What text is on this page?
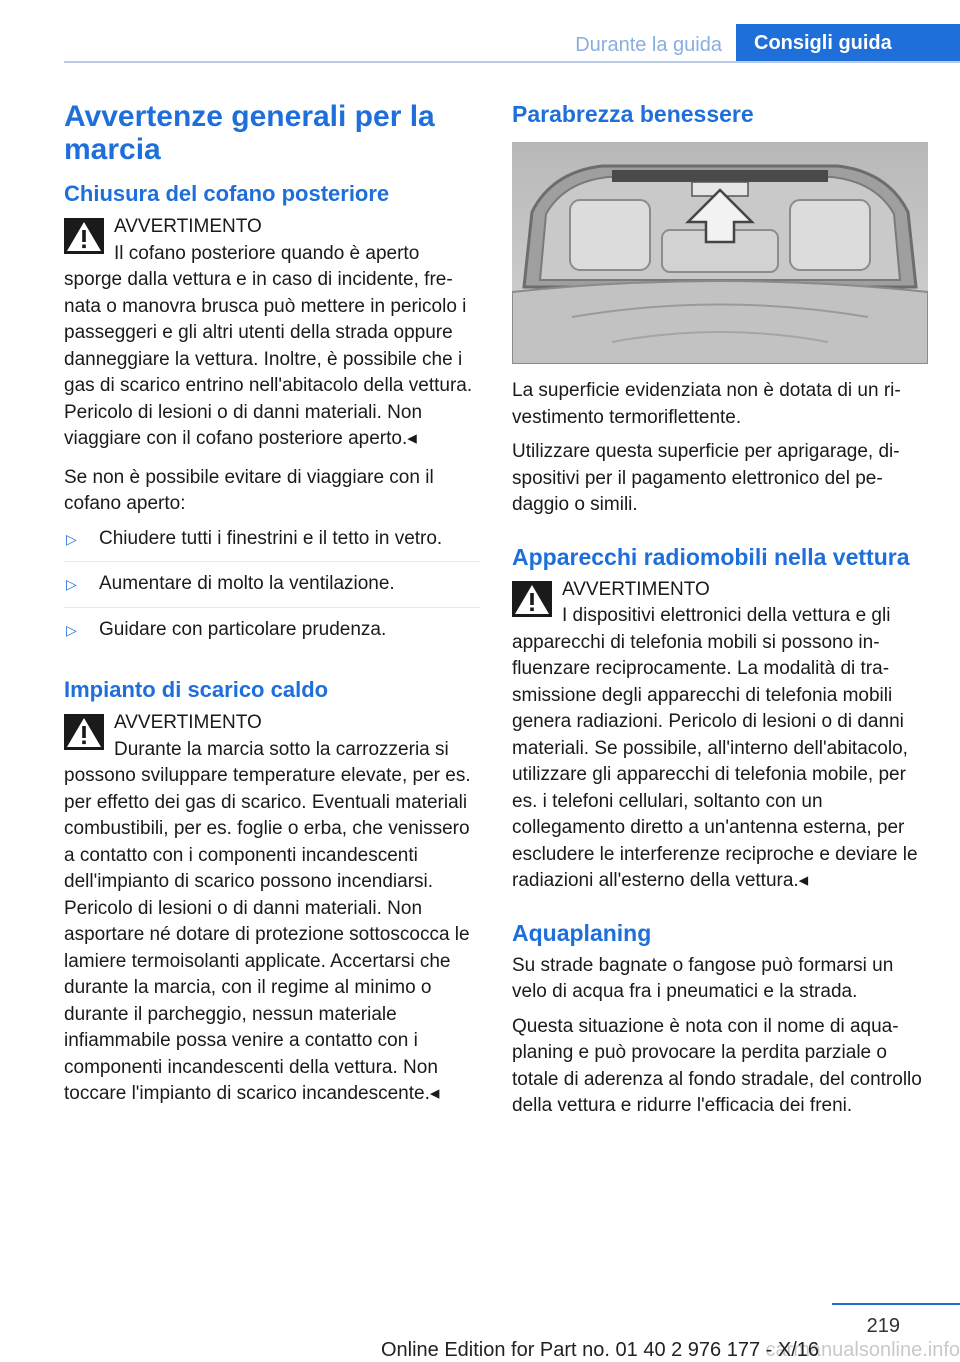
Durante la guida	Consigli guida
Avvertenze generali per la marcia
Chiusura del cofano posteriore
AVVERTIMENTO
Il cofano posteriore quando è aperto

sporge dalla vettura e in caso di incidente, frenata o manovra brusca può mettere in pericolo i passeggeri e gli altri utenti della strada oppure danneggiare la vettura. Inoltre, è possibile che i gas di scarico entrino nell'abitacolo della vettura. Pericolo di lesioni o di danni materiali. Non viaggiare con il cofano posteriore aperto.◂

Se non è possibile evitare di viaggiare con il cofano aperto:

▷ Chiudere tutti i finestrini e il tetto in vetro.
▷ Aumentare di molto la ventilazione.
▷ Guidare con particolare prudenza.
Impianto di scarico caldo
AVVERTIMENTO
Durante la marcia sotto la carrozzeria si

possono sviluppare temperature elevate, per es. per effetto dei gas di scarico. Eventuali materiali combustibili, per es. foglie o erba, che venissero a contatto con i componenti incandescenti dell'impianto di scarico possono incendiarsi. Pericolo di lesioni o di danni materiali. Non asportare né dotare di protezione sottoscocca le lamiere termoisolanti applicate. Accertarsi che durante la marcia, con il regime al minimo o durante il parcheggio, nessun materiale infiammabile possa venire a contatto con i componenti incandescenti della vettura. Non toccare l'impianto di scarico incandescente.◂

Parabrezza benessere

La superficie evidenziata non è dotata di un rivestimento termoriflettente.

Utilizzare questa superficie per aprigarage, dispositivi per il pagamento elettronico del pedaggio o simili.

Apparecchi radiomobili nella vettura
AVVERTIMENTO
I dispositivi elettronici della vettura e gli

apparecchi di telefonia mobili si possono influenzare reciprocamente. La modalità di trasmissione degli apparecchi di telefonia mobili genera radiazioni. Pericolo di lesioni o di danni materiali. Se possibile, all'interno dell'abitacolo, utilizzare gli apparecchi di telefonia mobile, per es. i telefoni cellulari, soltanto con un collegamento diretto a un'antenna esterna, per escludere le interferenze reciproche e deviare le radiazioni all'esterno della vettura.◂

Aquaplaning

Su strade bagnate o fangose può formarsi un velo di acqua fra i pneumatici e la strada.

Questa situazione è nota con il nome di aquaplaning e può provocare la perdita parziale o totale di aderenza al fondo stradale, del controllo della vettura e ridurre l'efficacia dei freni.

219
carmanualsonline.info
Online Edition for Part no. 01 40 2 976 177 - X/16
